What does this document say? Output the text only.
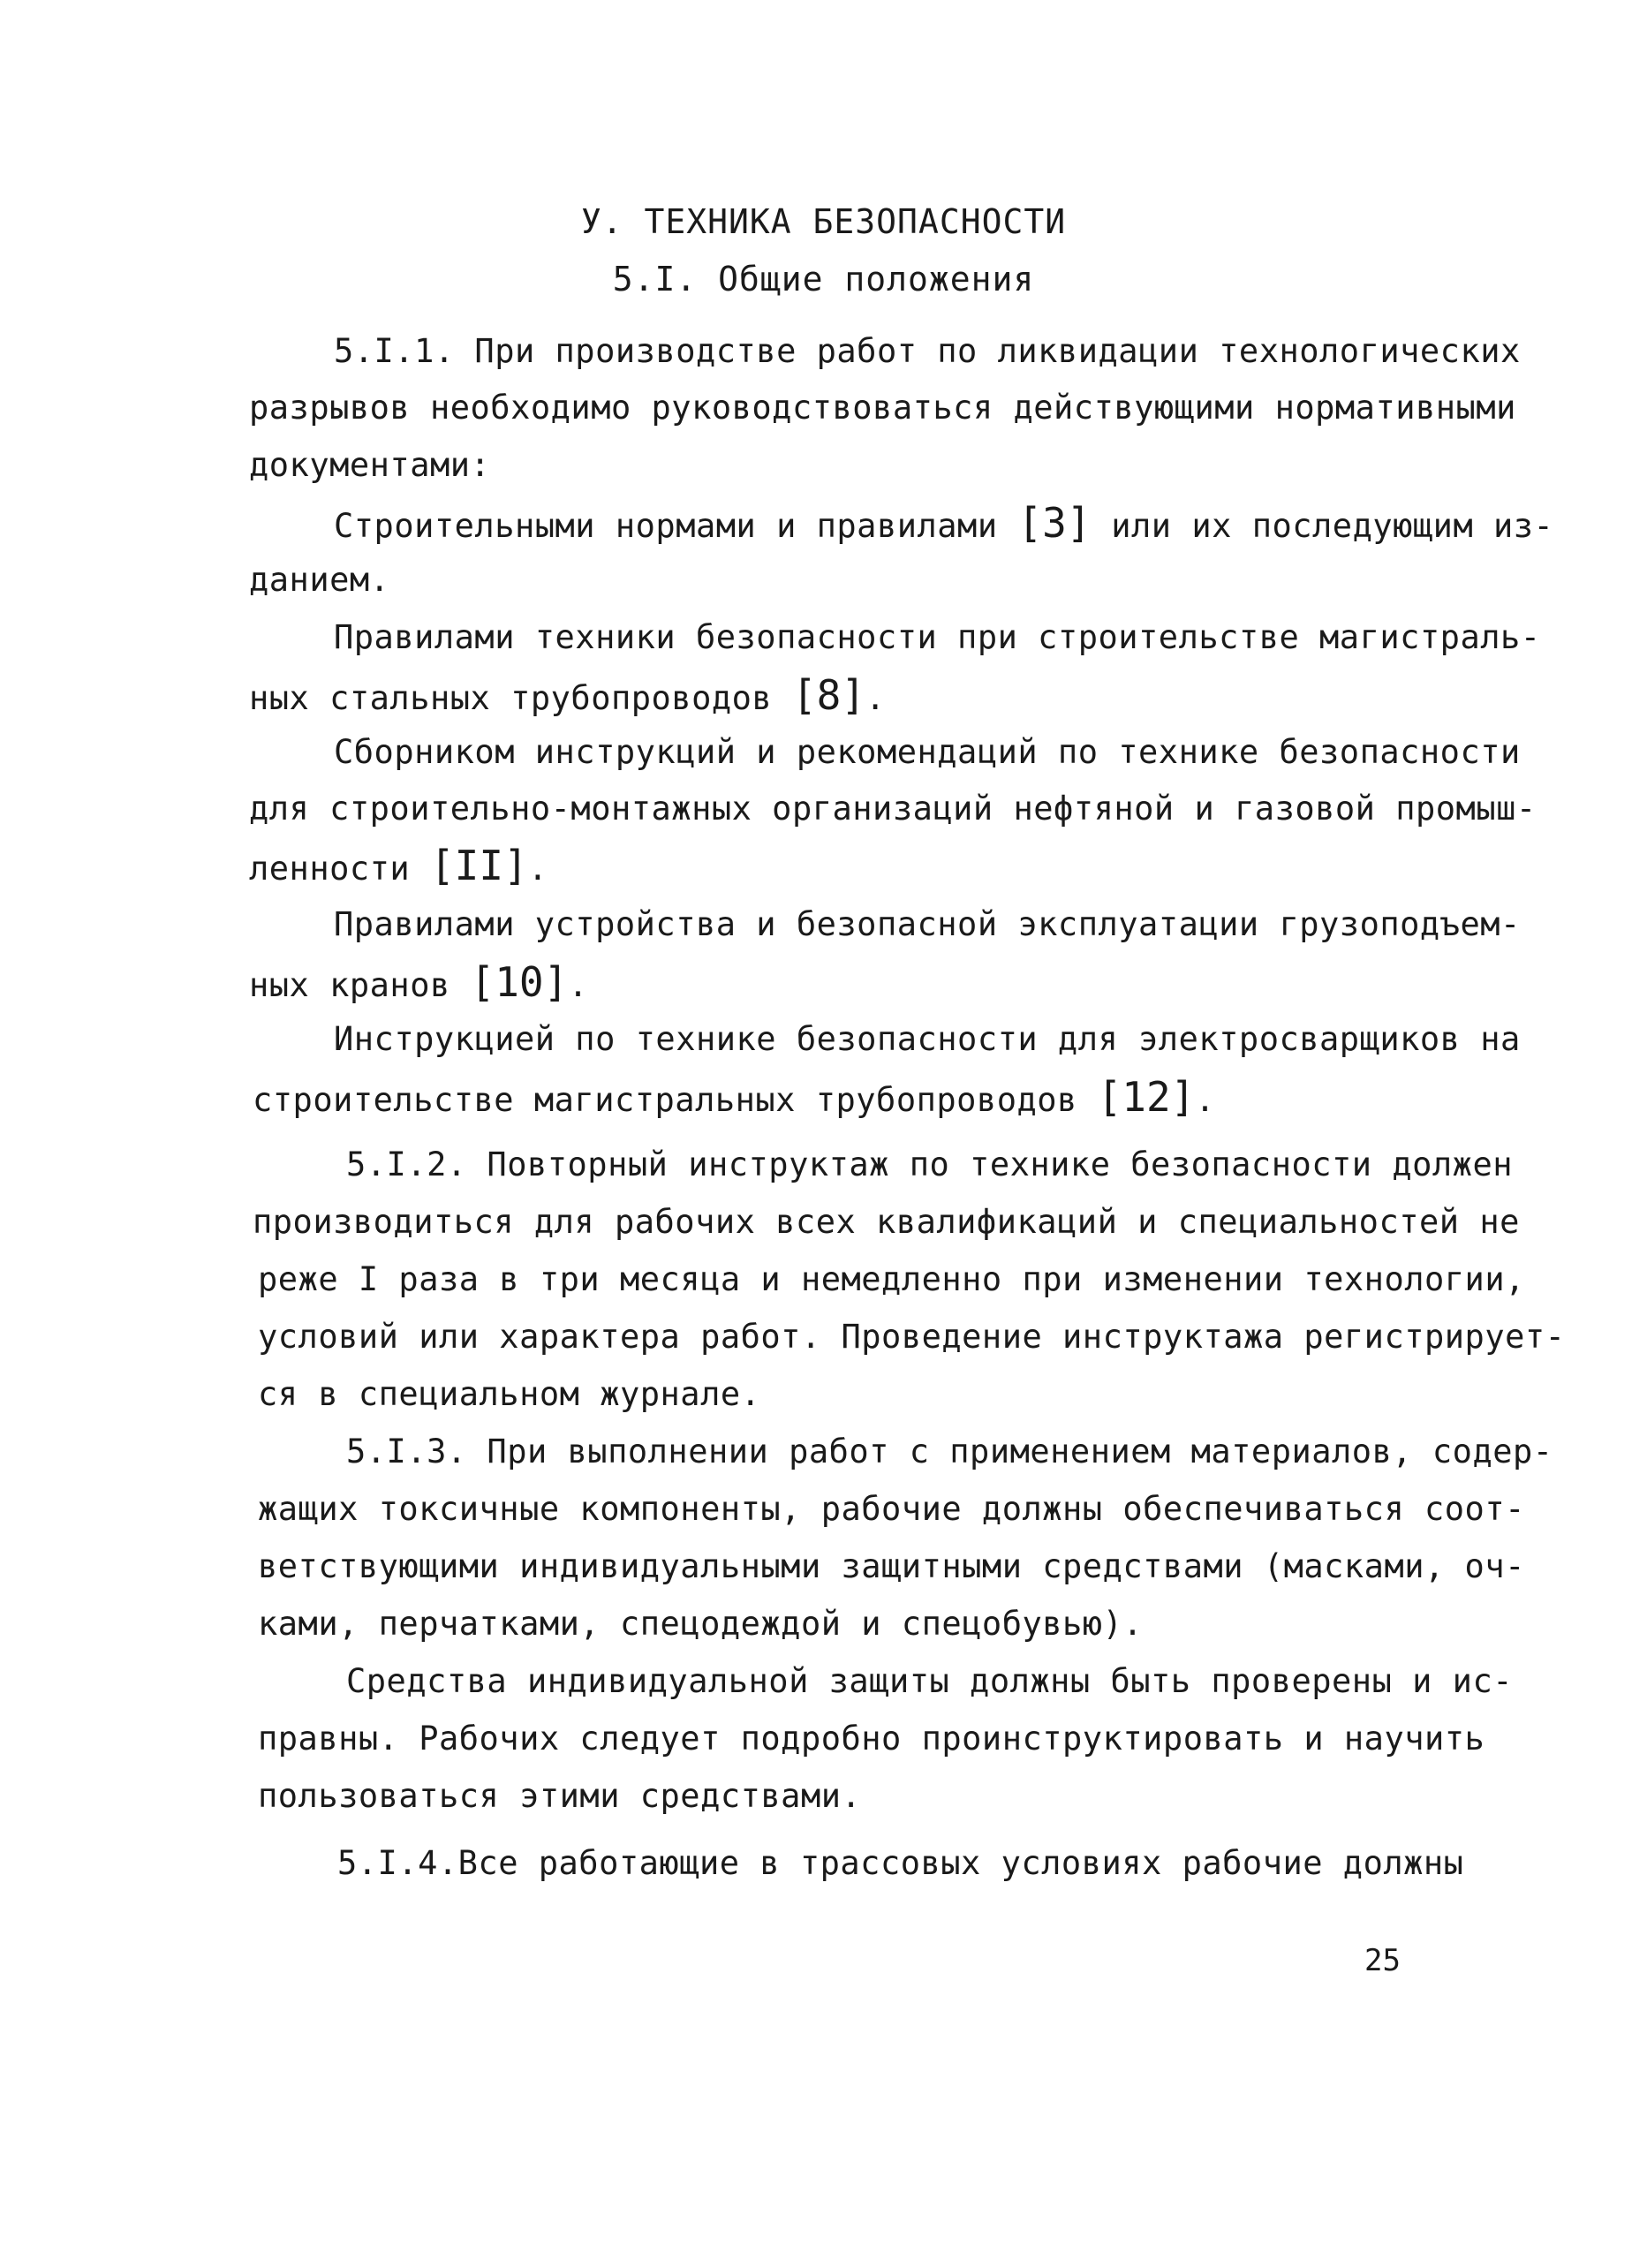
У. ТЕХНИКА БЕЗОПАСНОСТИ
5.I. Общие положения
5.I.1. При производстве работ по ликвидации технологических
разрывов необходимо руководствоваться действующими нормативными
документами:
Строительными нормами и правилами [3] или их последующим из-
данием.
Правилами техники безопасности при строительстве магистраль-
ных стальных трубопроводов [8].
Сборником инструкций и рекомендаций по технике безопасности
для строительно-монтажных организаций нефтяной и газовой промыш-
ленности [II].
Правилами устройства и безопасной эксплуатации грузоподъем-
ных кранов [10].
Инструкцией по технике безопасности для электросварщиков на
строительстве магистральных трубопроводов [12].
5.I.2. Повторный инструктаж по технике безопасности должен
производиться для рабочих всех квалификаций и специальностей не
реже I раза в три месяца и немедленно при изменении технологии,
условий или характера работ. Проведение инструктажа регистрирует-
ся в специальном журнале.
5.I.3. При выполнении работ с применением материалов, содер-
жащих токсичные компоненты, рабочие должны обеспечиваться соот-
ветствующими индивидуальными защитными средствами (масками, оч-
ками, перчатками, спецодеждой и спецобувью).
Средства индивидуальной защиты должны быть проверены и ис-
правны. Рабочих следует подробно проинструктировать и научить
пользоваться этими средствами.
5.I.4.Все работающие в трассовых условиях рабочие должны
25
